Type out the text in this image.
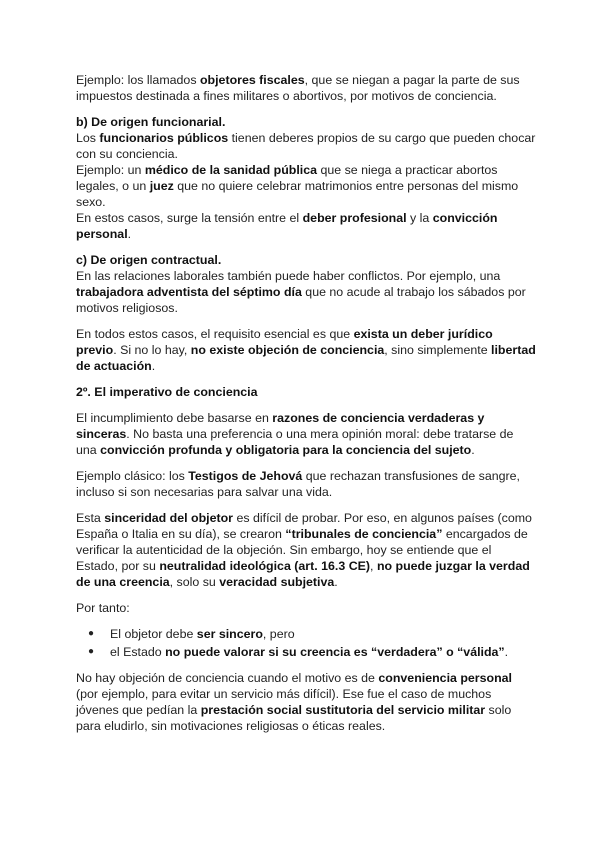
Ejemplo: los llamados objetores fiscales, que se niegan a pagar la parte de sus impuestos destinada a fines militares o abortivos, por motivos de conciencia.

b) De origen funcionarial.

Los funcionarios públicos tienen deberes propios de su cargo que pueden chocar con su conciencia.

Ejemplo: un médico de la sanidad pública que se niega a practicar abortos legales, o un juez que no quiere celebrar matrimonios entre personas del mismo sexo.

En estos casos, surge la tensión entre el deber profesional y la convicción personal.

c) De origen contractual.

En las relaciones laborales también puede haber conflictos. Por ejemplo, una trabajadora adventista del séptimo día que no acude al trabajo los sábados por motivos religiosos.

En todos estos casos, el requisito esencial es que exista un deber jurídico previo. Si no lo hay, no existe objeción de conciencia, sino simplemente libertad de actuación.

2º. El imperativo de conciencia

El incumplimiento debe basarse en razones de conciencia verdaderas y sinceras. No basta una preferencia o una mera opinión moral: debe tratarse de una convicción profunda y obligatoria para la conciencia del sujeto.

Ejemplo clásico: los Testigos de Jehová que rechazan transfusiones de sangre, incluso si son necesarias para salvar una vida.

Esta sinceridad del objetor es difícil de probar. Por eso, en algunos países (como España o Italia en su día), se crearon “tribunales de conciencia” encargados de verificar la autenticidad de la objeción. Sin embargo, hoy se entiende que el Estado, por su neutralidad ideológica (art. 16.3 CE), no puede juzgar la verdad de una creencia, solo su veracidad subjetiva.

Por tanto:

● El objetor debe ser sincero, pero
● el Estado no puede valorar si su creencia es “verdadera” o “válida”.

No hay objeción de conciencia cuando el motivo es de conveniencia personal (por ejemplo, para evitar un servicio más difícil). Ese fue el caso de muchos jóvenes que pedían la prestación social sustitutoria del servicio militar solo para eludirlo, sin motivaciones religiosas o éticas reales.
